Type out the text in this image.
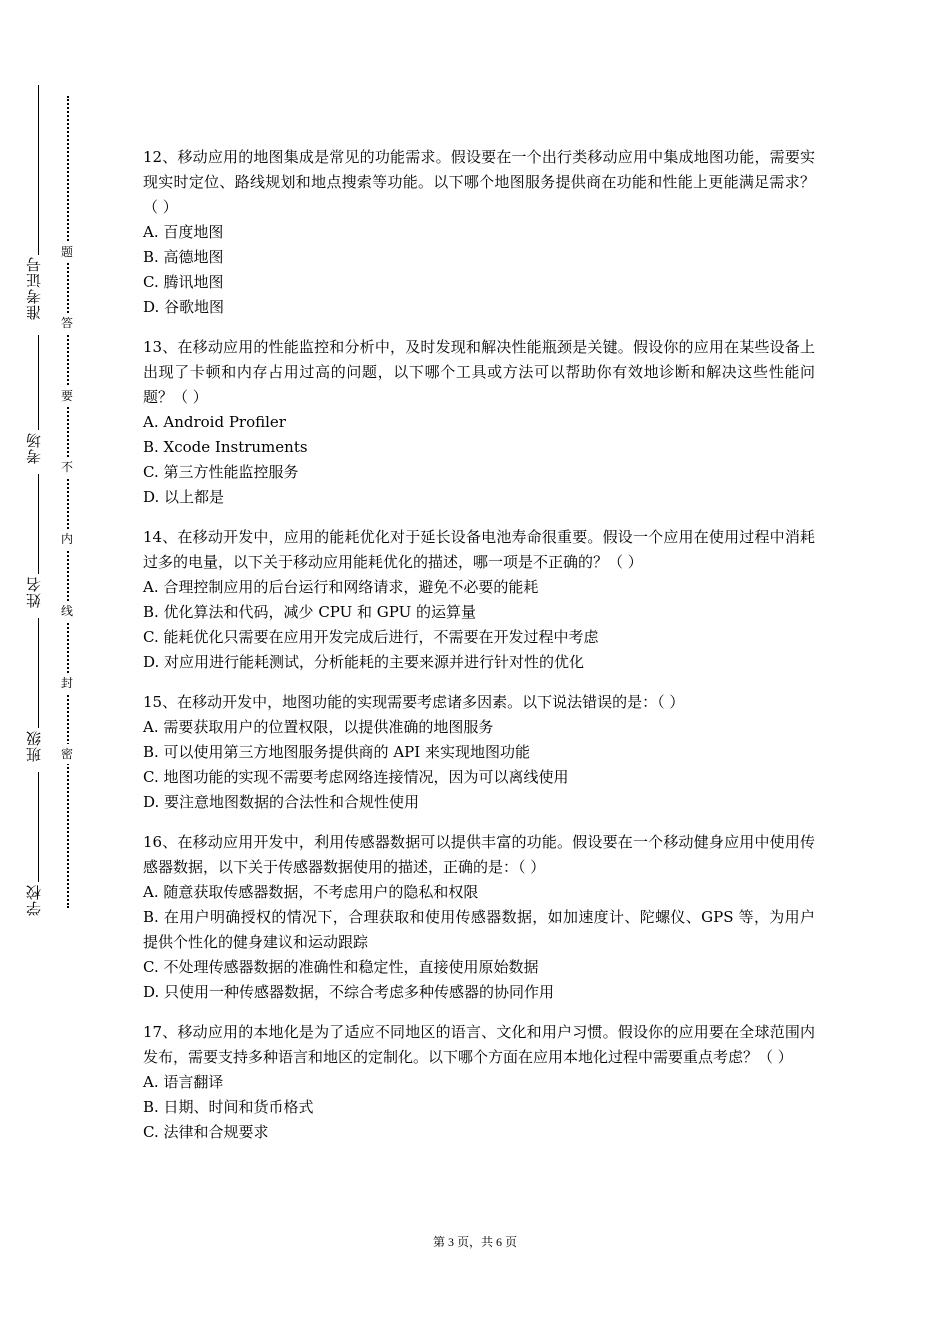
准考证号
考场
姓名
班级
学校
题
答
要
不
内
线
封
密
12、移动应用的地图集成是常见的功能需求。假设要在一个出行类移动应用中集成地图功能，需要实现实时定位、路线规划和地点搜索等功能。以下哪个地图服务提供商在功能和性能上更能满足需求？（ ）
A. 百度地图
B. 高德地图
C. 腾讯地图
D. 谷歌地图
13、在移动应用的性能监控和分析中，及时发现和解决性能瓶颈是关键。假设你的应用在某些设备上出现了卡顿和内存占用过高的问题，以下哪个工具或方法可以帮助你有效地诊断和解决这些性能问题？（ ）
A. Android Profiler
B. Xcode Instruments
C. 第三方性能监控服务
D. 以上都是
14、在移动开发中，应用的能耗优化对于延长设备电池寿命很重要。假设一个应用在使用过程中消耗过多的电量，以下关于移动应用能耗优化的描述，哪一项是不正确的？（ ）
A. 合理控制应用的后台运行和网络请求，避免不必要的能耗
B. 优化算法和代码，减少 CPU 和 GPU 的运算量
C. 能耗优化只需要在应用开发完成后进行，不需要在开发过程中考虑
D. 对应用进行能耗测试，分析能耗的主要来源并进行针对性的优化
15、在移动开发中，地图功能的实现需要考虑诸多因素。以下说法错误的是：（ ）
A. 需要获取用户的位置权限，以提供准确的地图服务
B. 可以使用第三方地图服务提供商的 API 来实现地图功能
C. 地图功能的实现不需要考虑网络连接情况，因为可以离线使用
D. 要注意地图数据的合法性和合规性使用
16、在移动应用开发中，利用传感器数据可以提供丰富的功能。假设要在一个移动健身应用中使用传感器数据，以下关于传感器数据使用的描述，正确的是：（ ）
A. 随意获取传感器数据，不考虑用户的隐私和权限
B. 在用户明确授权的情况下，合理获取和使用传感器数据，如加速度计、陀螺仪、GPS 等，为用户提供个性化的健身建议和运动跟踪
C. 不处理传感器数据的准确性和稳定性，直接使用原始数据
D. 只使用一种传感器数据，不综合考虑多种传感器的协同作用
17、移动应用的本地化是为了适应不同地区的语言、文化和用户习惯。假设你的应用要在全球范围内发布，需要支持多种语言和地区的定制化。以下哪个方面在应用本地化过程中需要重点考虑？（ ）
A. 语言翻译
B. 日期、时间和货币格式
C. 法律和合规要求
第 3 页，共 6 页
